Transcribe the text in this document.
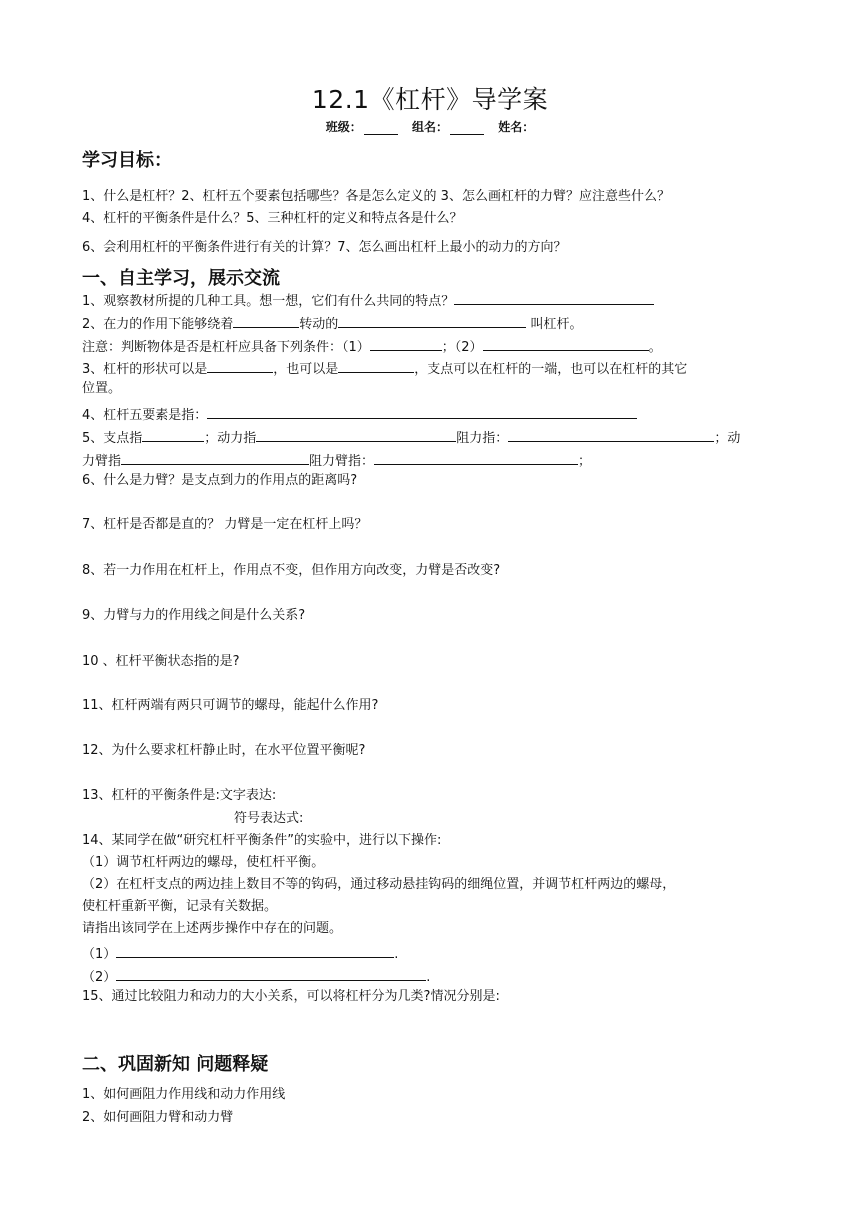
12.1《杠杆》导学案
班级：	组名：	姓名：
学习目标：
1、什么是杠杆？2、杠杆五个要素包括哪些？各是怎么定义的 3、怎么画杠杆的力臂？应注意些什么？
4、杠杆的平衡条件是什么？5、三种杠杆的定义和特点各是什么？
6、会利用杠杆的平衡条件进行有关的计算？7、怎么画出杠杆上最小的动力的方向？
一、自主学习，展示交流
1、观察教材所提的几种工具。想一想，它们有什么共同的特点？
2、在力的作用下能够绕着	转动的	叫杠杆。
注意：判断物体是否是杠杆应具备下列条件：（1）	；（2）	。
3、杠杆的形状可以是	，也可以是	，支点可以在杠杆的一端，也可以在杠杆的其它
位置。
4、杠杆五要素是指：
5、支点指	；动力指	阻力指：	；动
力臂指	阻力臂指：	；
6、什么是力臂？是支点到力的作用点的距离吗?
7、杠杆是否都是直的？ 力臂是一定在杠杆上吗？
8、若一力作用在杠杆上，作用点不变，但作用方向改变，力臂是否改变?
9、力臂与力的作用线之间是什么关系?
10 、杠杆平衡状态指的是?
11、杠杆两端有两只可调节的螺母，能起什么作用?
12、为什么要求杠杆静止时，在水平位置平衡呢?
13、杠杆的平衡条件是:文字表达:
符号表达式:
14、某同学在做“研究杠杆平衡条件”的实验中，进行以下操作:
（1）调节杠杆两边的螺母，使杠杆平衡。
（2）在杠杆支点的两边挂上数目不等的钩码，通过移动悬挂钩码的细绳位置，并调节杠杆两边的螺母，
使杠杆重新平衡，记录有关数据。
请指出该同学在上述两步操作中存在的问题。
（1）	.
（2）	.
15、通过比较阻力和动力的大小关系，可以将杠杆分为几类?情况分别是:
二、巩固新知 问题释疑
1、如何画阻力作用线和动力作用线
2、如何画阻力臂和动力臂
